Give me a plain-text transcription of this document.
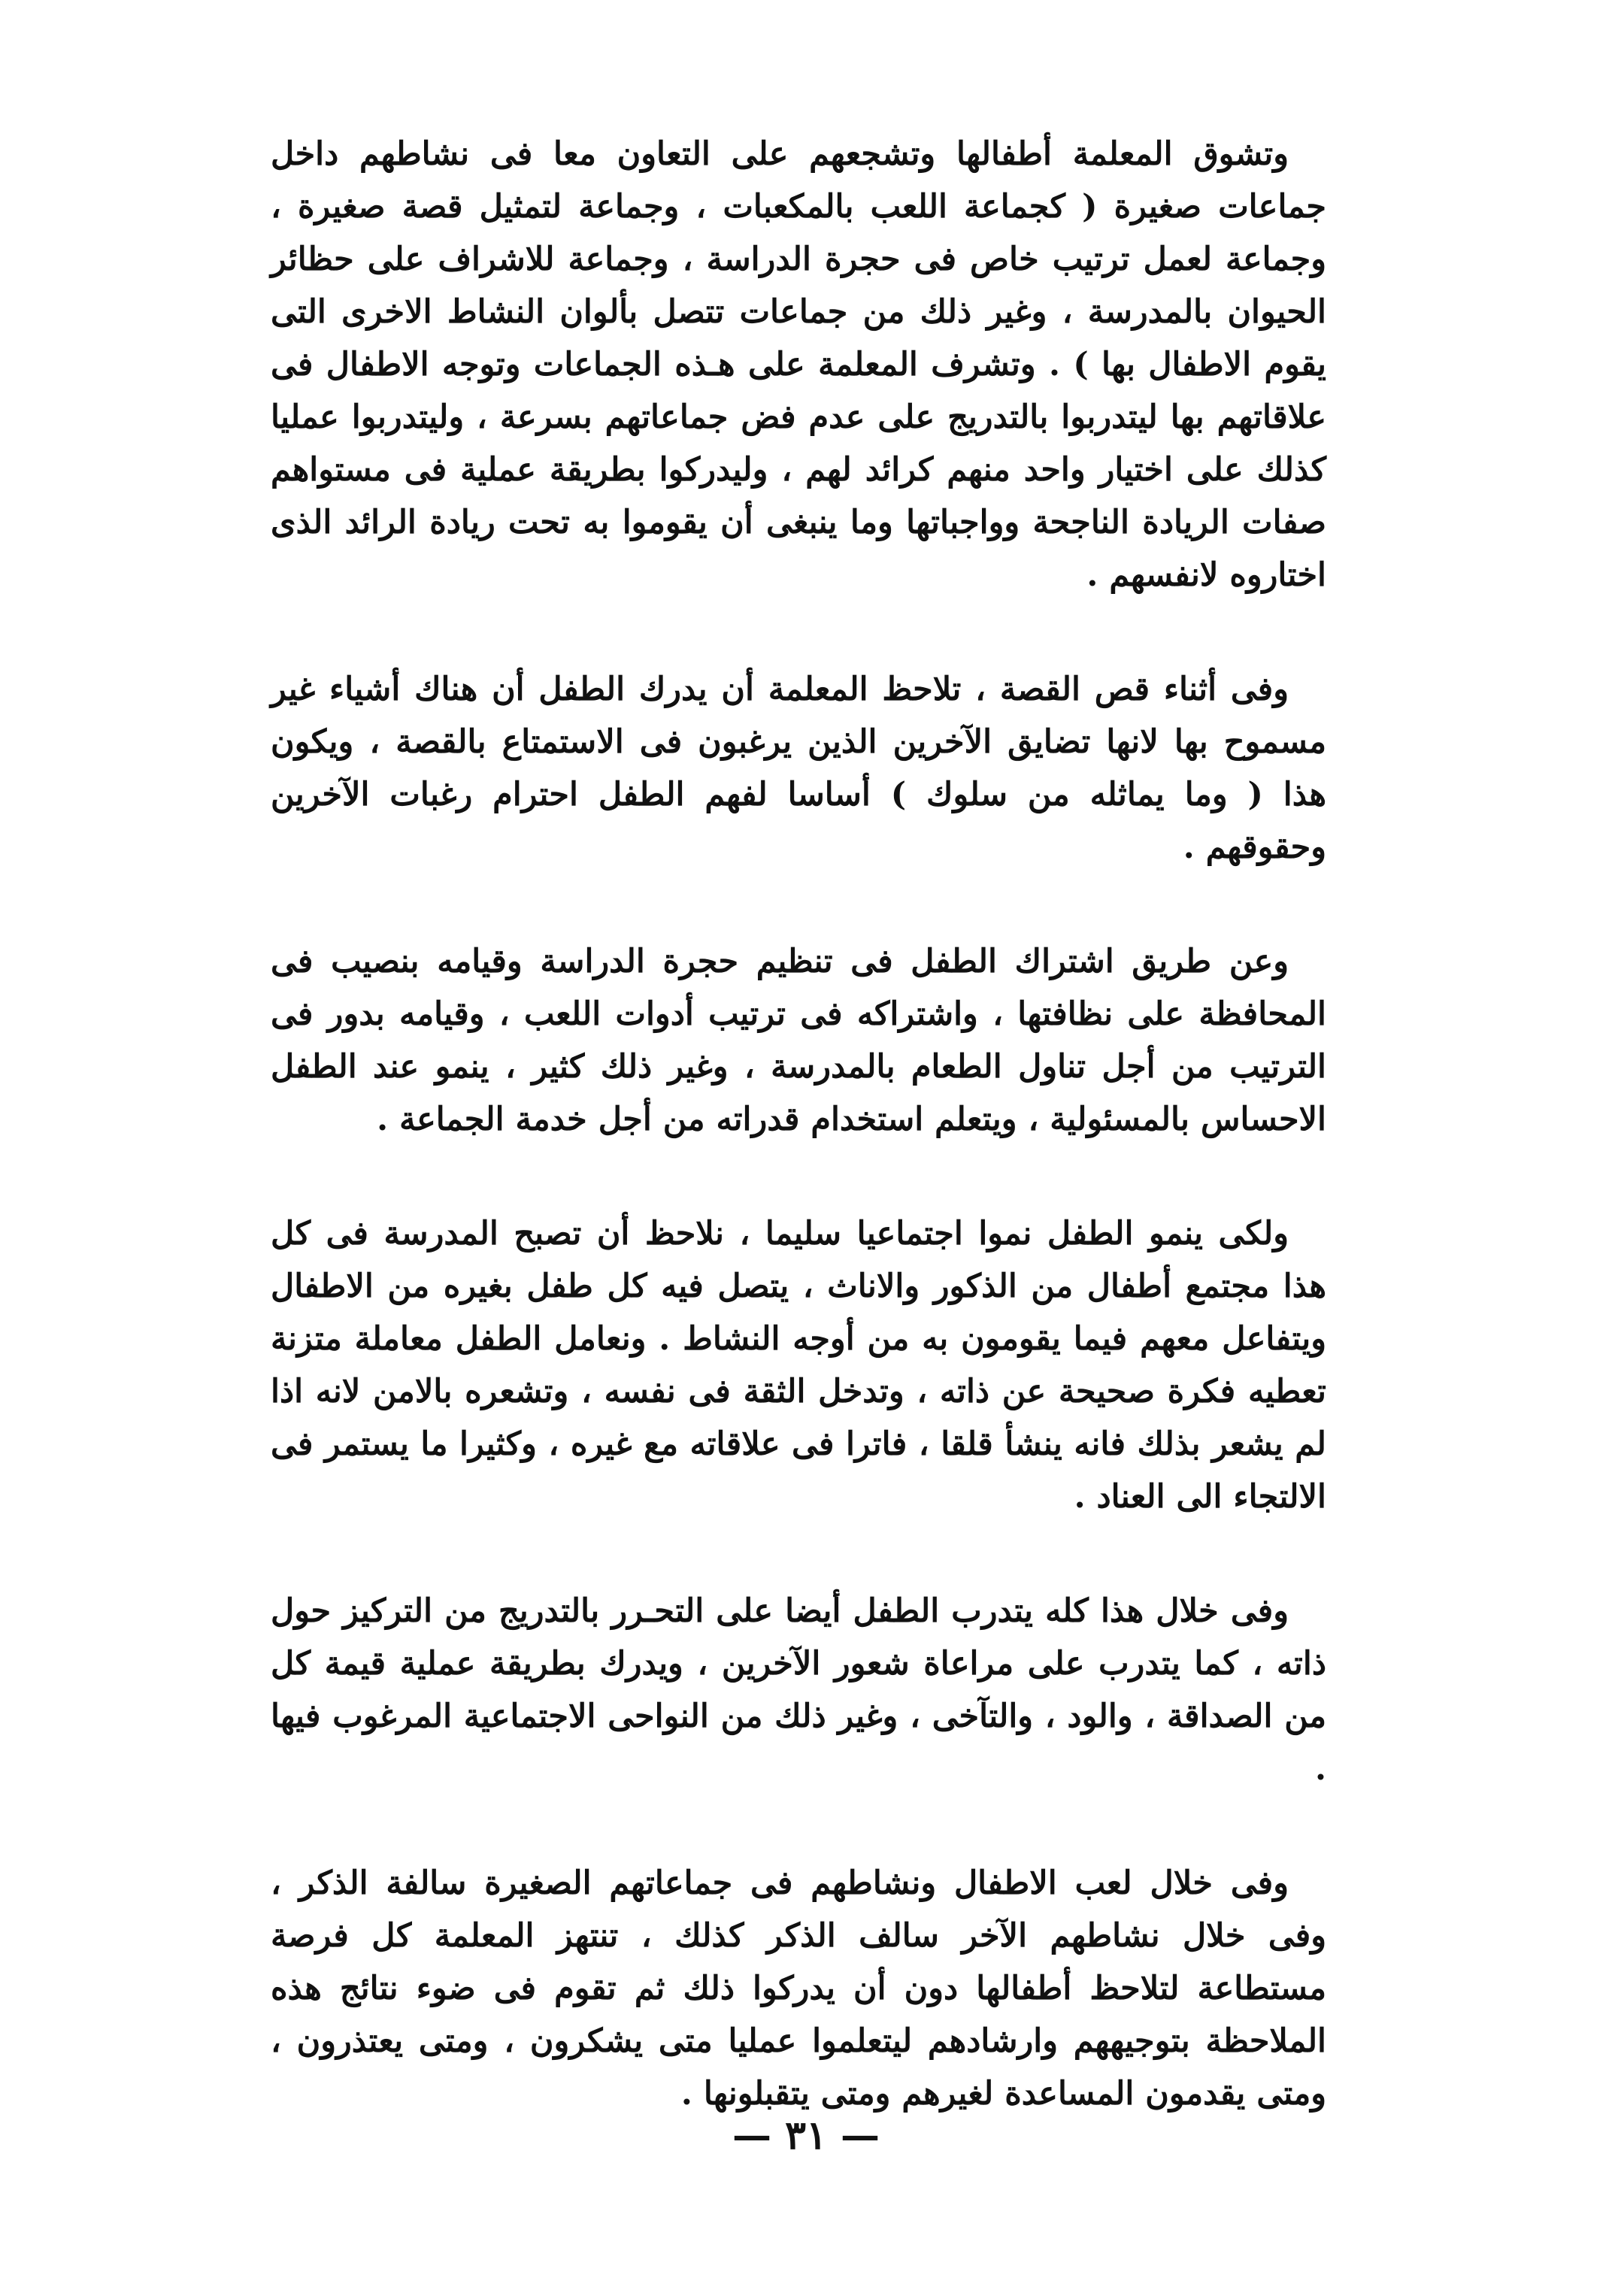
وتشوق المعلمة أطفالها وتشجعهم على التعاون معا فى نشاطهم داخل جماعات صغيرة ( كجماعة اللعب بالمكعبات ، وجماعة لتمثيل قصة صغيرة ، وجماعة لعمل ترتيب خاص فى حجرة الدراسة ، وجماعة للاشراف على حظائر الحيوان بالمدرسة ، وغير ذلك من جماعات تتصل بألوان النشاط الاخرى التى يقوم الاطفال بها ) . وتشرف المعلمة على هـذه الجماعات وتوجه الاطفال فى علاقاتهم بها ليتدربوا بالتدريج على عدم فض جماعاتهم بسرعة ، وليتدربوا عمليا كذلك على اختيار واحد منهم كرائد لهم ، وليدركوا بطريقة عملية فى مستواهم صفات الريادة الناجحة وواجباتها وما ينبغى أن يقوموا به تحت ريادة الرائد الذى اختاروه لانفسهم .

وفى أثناء قص القصة ، تلاحظ المعلمة أن يدرك الطفل أن هناك أشياء غير مسموح بها لانها تضايق الآخرين الذين يرغبون فى الاستمتاع بالقصة ، ويكون هذا ( وما يماثله من سلوك ) أساسا لفهم الطفل احترام رغبات الآخرين وحقوقهم .

وعن طريق اشتراك الطفل فى تنظيم حجرة الدراسة وقيامه بنصيب فى المحافظة على نظافتها ، واشتراكه فى ترتيب أدوات اللعب ، وقيامه بدور فى الترتيب من أجل تناول الطعام بالمدرسة ، وغير ذلك كثير ، ينمو عند الطفل الاحساس بالمسئولية ، ويتعلم استخدام قدراته من أجل خدمة الجماعة .

ولكى ينمو الطفل نموا اجتماعيا سليما ، نلاحظ أن تصبح المدرسة فى كل هذا مجتمع أطفال من الذكور والاناث ، يتصل فيه كل طفل بغيره من الاطفال ويتفاعل معهم فيما يقومون به من أوجه النشاط . ونعامل الطفل معاملة متزنة تعطيه فكرة صحيحة عن ذاته ، وتدخل الثقة فى نفسه ، وتشعره بالامن لانه اذا لم يشعر بذلك فانه ينشأ قلقا ، فاترا فى علاقاته مع غيره ، وكثيرا ما يستمر فى الالتجاء الى العناد .

وفى خلال هذا كله يتدرب الطفل أيضا على التحـرر بالتدريج من التركيز حول ذاته ، كما يتدرب على مراعاة شعور الآخرين ، ويدرك بطريقة عملية قيمة كل من الصداقة ، والود ، والتآخى ، وغير ذلك من النواحى الاجتماعية المرغوب فيها .

وفى خلال لعب الاطفال ونشاطهم فى جماعاتهم الصغيرة سالفة الذكر ، وفى خلال نشاطهم الآخر سالف الذكر كذلك ، تنتهز المعلمة كل فرصة مستطاعة لتلاحظ أطفالها دون أن يدركوا ذلك ثم تقوم فى ضوء نتائج هذه الملاحظة بتوجيههم وارشادهم ليتعلموا عمليا متى يشكرون ، ومتى يعتذرون ، ومتى يقدمون المساعدة لغيرهم ومتى يتقبلونها .

— ٣١ —
